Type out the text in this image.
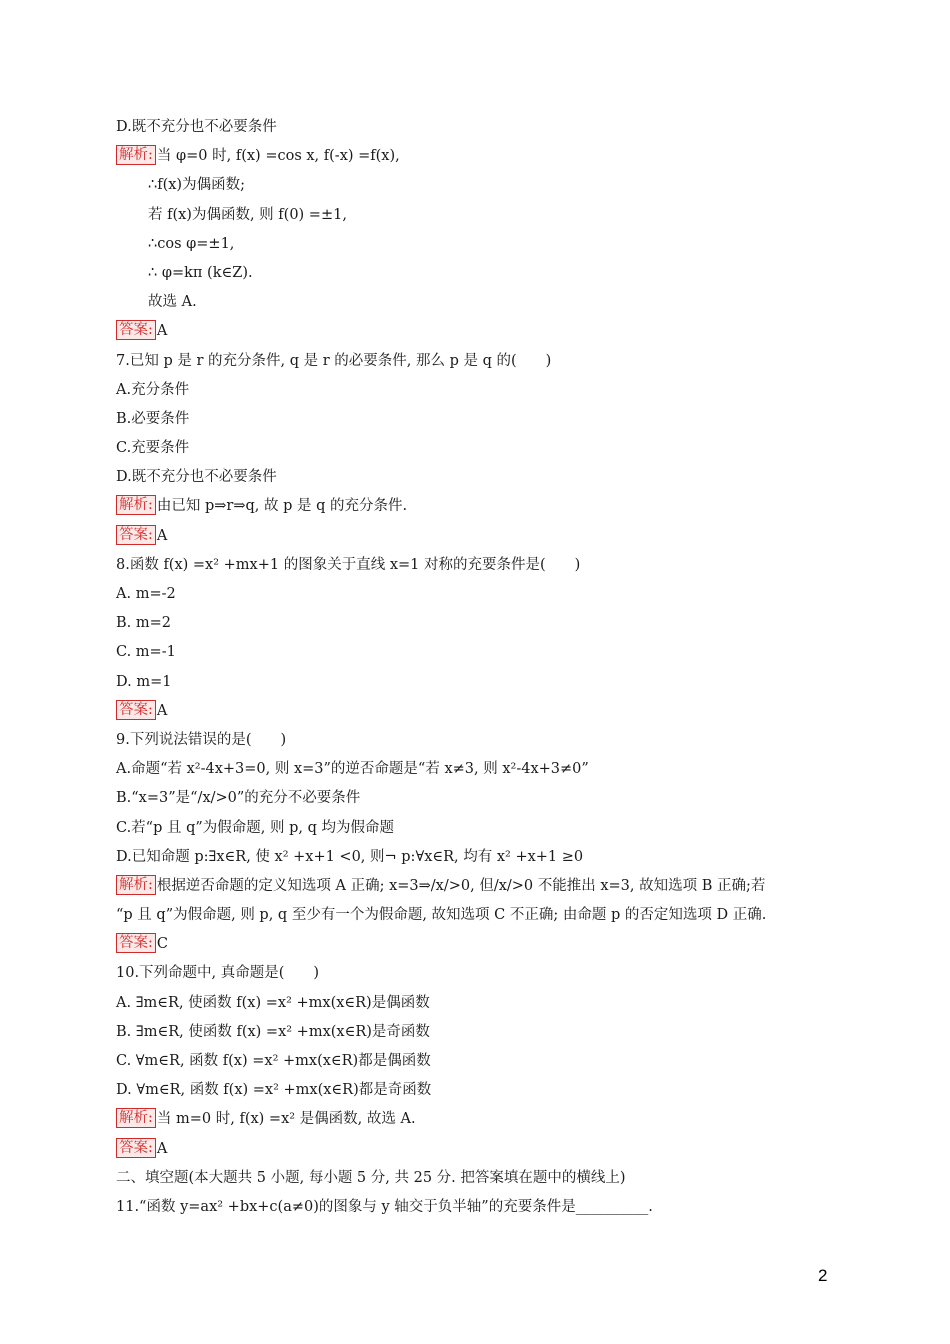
D.既不充分也不必要条件
解析: 当 φ=0 时, f(x) =cos x, f(-x) =f(x),
∴f(x)为偶函数;
若 f(x)为偶函数, 则 f(0) =±1,
∴cos φ=±1,
∴ φ=kπ (k∈Z).
故选 A.
答案: A
7.已知 p 是 r 的充分条件, q 是 r 的必要条件, 那么 p 是 q 的(　　)
A.充分条件
B.必要条件
C.充要条件
D.既不充分也不必要条件
解析: 由已知 p⇒r⇒q, 故 p 是 q 的充分条件.
答案: A
8.函数 f(x) =x² +mx+1 的图象关于直线 x=1 对称的充要条件是(　　)
A. m=-2
B. m=2
C. m=-1
D. m=1
答案: A
9.下列说法错误的是(　　)
A.命题“若 x²-4x+3=0, 则 x=3”的逆否命题是“若 x≠3, 则 x²-4x+3≠0”
B.“x=3”是“/x/>0”的充分不必要条件
C.若“p 且 q”为假命题, 则 p, q 均为假命题
D.已知命题 p:∃x∈R, 使 x² +x+1 <0, 则¬ p:∀x∈R, 均有 x² +x+1 ≥0
解析: 根据逆否命题的定义知选项 A 正确; x=3⇒/x/>0, 但/x/>0 不能推出 x=3, 故知选项 B 正确;若
“p 且 q”为假命题, 则 p, q 至少有一个为假命题, 故知选项 C 不正确; 由命题 p 的否定知选项 D 正确.
答案: C
10.下列命题中, 真命题是(　　)
A. ∃m∈R, 使函数 f(x) =x² +mx(x∈R)是偶函数
B. ∃m∈R, 使函数 f(x) =x² +mx(x∈R)是奇函数
C. ∀m∈R, 函数 f(x) =x² +mx(x∈R)都是偶函数
D. ∀m∈R, 函数 f(x) =x² +mx(x∈R)都是奇函数
解析: 当 m=0 时, f(x) =x² 是偶函数, 故选 A.
答案: A
二、填空题(本大题共 5 小题, 每小题 5 分, 共 25 分. 把答案填在题中的横线上)
11.“函数 y=ax² +bx+c(a≠0)的图象与 y 轴交于负半轴”的充要条件是__________.
2
